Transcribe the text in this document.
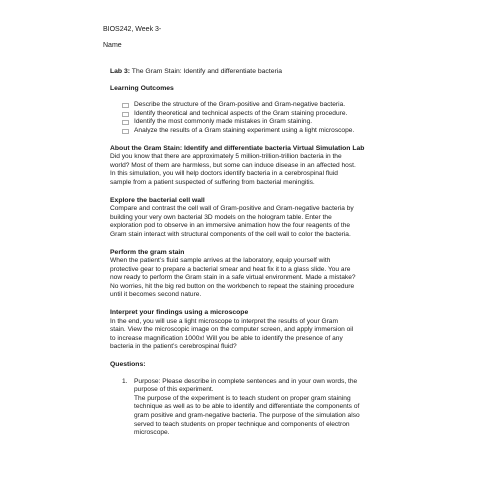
BIOS242, Week 3-
Name

Lab 3: The Gram Stain: Identify and differentiate bacteria

Learning Outcomes

Describe the structure of the Gram-positive and Gram-negative bacteria.
Identify theoretical and technical aspects of the Gram staining procedure.
Identify the most commonly made mistakes in Gram staining.
Analyze the results of a Gram staining experiment using a light microscope.

About the Gram Stain: Identify and differentiate bacteria Virtual Simulation Lab

Did you know that there are approximately 5 million-trillion-trillion bacteria in the

world? Most of them are harmless, but some can induce disease in an affected host.

In this simulation, you will help doctors identify bacteria in a cerebrospinal fluid

sample from a patient suspected of suffering from bacterial meningitis.

Explore the bacterial cell wall

Compare and contrast the cell wall of Gram-positive and Gram-negative bacteria by

building your very own bacterial 3D models on the hologram table. Enter the

exploration pod to observe in an immersive animation how the four reagents of the

Gram stain interact with structural components of the cell wall to color the bacteria.

Perform the gram stain

When the patient’s fluid sample arrives at the laboratory, equip yourself with

protective gear to prepare a bacterial smear and heat fix it to a glass slide. You are

now ready to perform the Gram stain in a safe virtual environment. Made a mistake?

No worries, hit the big red button on the workbench to repeat the staining procedure

until it becomes second nature.

Interpret your findings using a microscope

In the end, you will use a light microscope to interpret the results of your Gram

stain. View the microscopic image on the computer screen, and apply immersion oil

to increase magnification 1000x! Will you be able to identify the presence of any

bacteria in the patient’s cerebrospinal fluid?

Questions:

1. Purpose: Please describe in complete sentences and in your own words, the

purpose of this experiment.

The purpose of the experiment is to teach student on proper gram staining

technique as well as to be able to identify and differentiate the components of

gram positive and gram-negative bacteria. The purpose of the simulation also

served to teach students on proper technique and components of electron

microscope.
